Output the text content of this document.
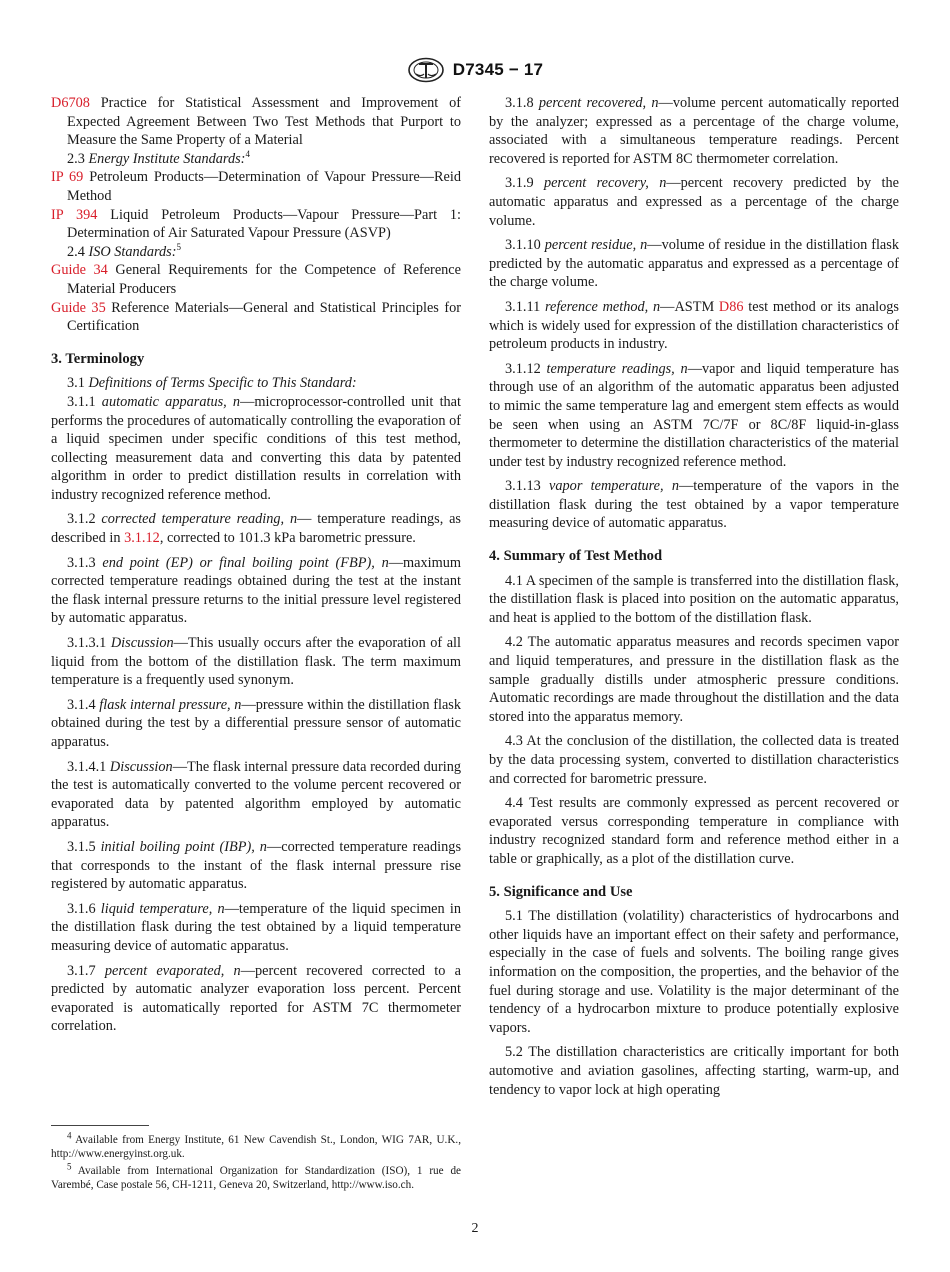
D7345 − 17

D6708 Practice for Statistical Assessment and Improvement of Expected Agreement Between Two Test Methods that Purport to Measure the Same Property of a Material

2.3 Energy Institute Standards:$^4$

IP 69 Petroleum Products—Determination of Vapour Pressure—Reid Method

IP 394 Liquid Petroleum Products—Vapour Pressure—Part 1: Determination of Air Saturated Vapour Pressure (ASVP)

2.4 ISO Standards:$^5$

Guide 34 General Requirements for the Competence of Reference Material Producers

Guide 35 Reference Materials—General and Statistical Principles for Certification

3. Terminology

3.1 Definitions of Terms Specific to This Standard:

3.1.1 automatic apparatus, n—microprocessor-controlled unit that performs the procedures of automatically controlling the evaporation of a liquid specimen under specific conditions of this test method, collecting measurement data and converting this data by patented algorithm in order to predict distillation results in correlation with industry recognized reference method.

3.1.2 corrected temperature reading, n— temperature readings, as described in 3.1.12, corrected to 101.3 kPa barometric pressure.

3.1.3 end point (EP) or final boiling point (FBP), n—maximum corrected temperature readings obtained during the test at the instant the flask internal pressure returns to the initial pressure level registered by automatic apparatus.

3.1.3.1 Discussion—This usually occurs after the evaporation of all liquid from the bottom of the distillation flask. The term maximum temperature is a frequently used synonym.

3.1.4 flask internal pressure, n—pressure within the distillation flask obtained during the test by a differential pressure sensor of automatic apparatus.

3.1.4.1 Discussion—The flask internal pressure data recorded during the test is automatically converted to the volume percent recovered or evaporated data by patented algorithm employed by automatic apparatus.

3.1.5 initial boiling point (IBP), n—corrected temperature readings that corresponds to the instant of the flask internal pressure rise registered by automatic apparatus.

3.1.6 liquid temperature, n—temperature of the liquid specimen in the distillation flask during the test obtained by a liquid temperature measuring device of automatic apparatus.

3.1.7 percent evaporated, n—percent recovered corrected to a predicted by automatic analyzer evaporation loss percent. Percent evaporated is automatically reported for ASTM 7C thermometer correlation.

3.1.8 percent recovered, n—volume percent automatically reported by the analyzer; expressed as a percentage of the charge volume, associated with a simultaneous temperature readings. Percent recovered is reported for ASTM 8C thermometer correlation.

3.1.9 percent recovery, n—percent recovery predicted by the automatic apparatus and expressed as a percentage of the charge volume.

3.1.10 percent residue, n—volume of residue in the distillation flask predicted by the automatic apparatus and expressed as a percentage of the charge volume.

3.1.11 reference method, n—ASTM D86 test method or its analogs which is widely used for expression of the distillation characteristics of petroleum products in industry.

3.1.12 temperature readings, n—vapor and liquid temperature has through use of an algorithm of the automatic apparatus been adjusted to mimic the same temperature lag and emergent stem effects as would be seen when using an ASTM 7C/7F or 8C/8F liquid-in-glass thermometer to determine the distillation characteristics of the material under test by industry recognized reference method.

3.1.13 vapor temperature, n—temperature of the vapors in the distillation flask during the test obtained by a vapor temperature measuring device of automatic apparatus.

4. Summary of Test Method

4.1 A specimen of the sample is transferred into the distillation flask, the distillation flask is placed into position on the automatic apparatus, and heat is applied to the bottom of the distillation flask.

4.2 The automatic apparatus measures and records specimen vapor and liquid temperatures, and pressure in the distillation flask as the sample gradually distills under atmospheric pressure conditions. Automatic recordings are made throughout the distillation and the data stored into the apparatus memory.

4.3 At the conclusion of the distillation, the collected data is treated by the data processing system, converted to distillation characteristics and corrected for barometric pressure.

4.4 Test results are commonly expressed as percent recovered or evaporated versus corresponding temperature in compliance with industry recognized standard form and reference method either in a table or graphically, as a plot of the distillation curve.

5. Significance and Use

5.1 The distillation (volatility) characteristics of hydrocarbons and other liquids have an important effect on their safety and performance, especially in the case of fuels and solvents. The boiling range gives information on the composition, the properties, and the behavior of the fuel during storage and use. Volatility is the major determinant of the tendency of a hydrocarbon mixture to produce potentially explosive vapors.

5.2 The distillation characteristics are critically important for both automotive and aviation gasolines, affecting starting, warm-up, and tendency to vapor lock at high operating

$^4$ Available from Energy Institute, 61 New Cavendish St., London, WIG 7AR, U.K., http://www.energyinst.org.uk.

$^5$ Available from International Organization for Standardization (ISO), 1 rue de Varembé, Case postale 56, CH-1211, Geneva 20, Switzerland, http://www.iso.ch.

2
